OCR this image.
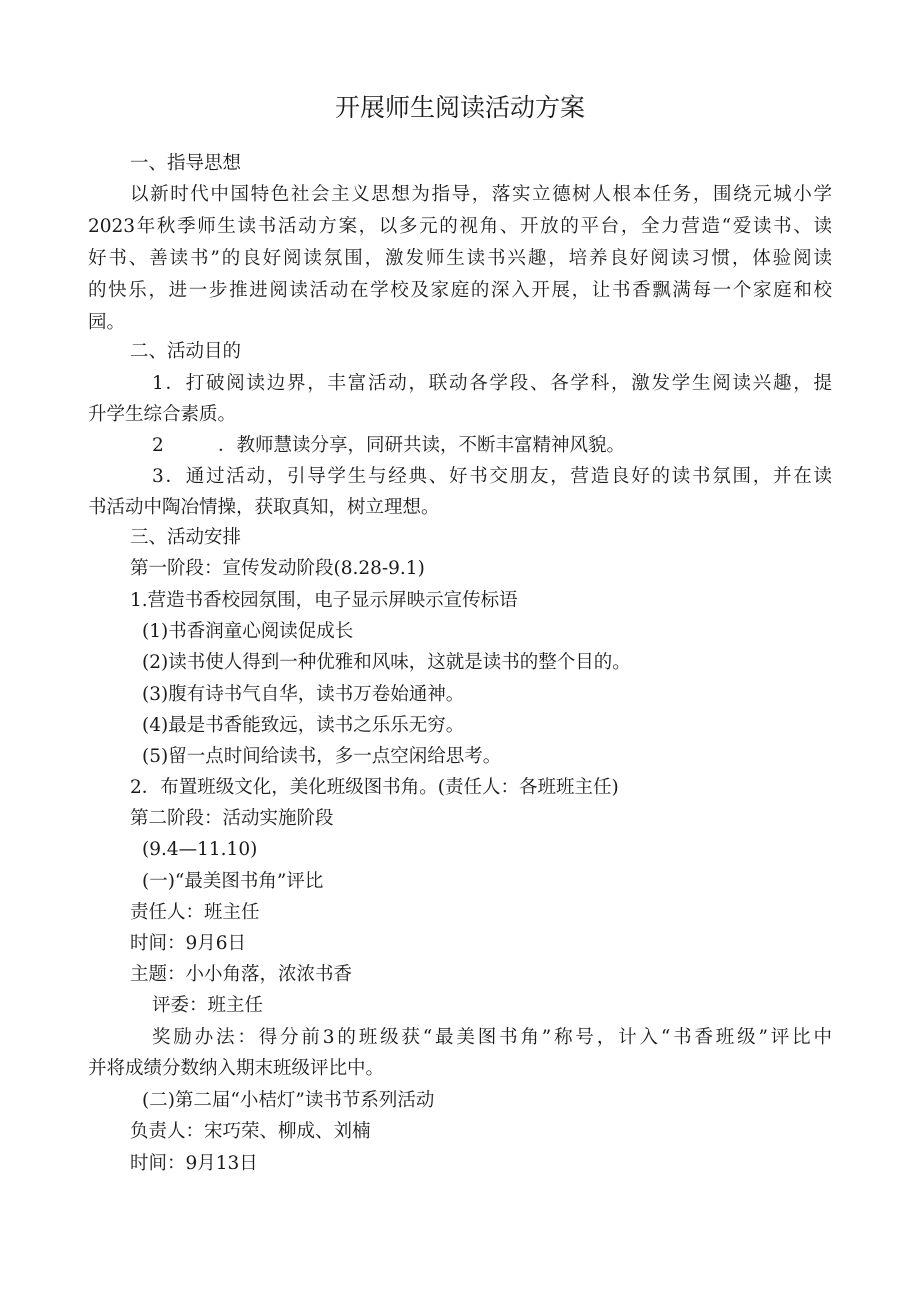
开展师生阅读活动方案
一、指导思想
以新时代中国特色社会主义思想为指导，落实立德树人根本任务，围绕元城小学
2023年秋季师生读书活动方案，以多元的视角、开放的平台，全力营造“爱读书、读
好书、善读书”的良好阅读氛围，激发师生读书兴趣，培养良好阅读习惯，体验阅读
的快乐，进一步推进阅读活动在学校及家庭的深入开展，让书香飘满每一个家庭和校
园。
二、活动目的
1．打破阅读边界，丰富活动，联动各学段、各学科，激发学生阅读兴趣，提
升学生综合素质。
2	．教师慧读分享，同研共读，不断丰富精神风貌。
3．通过活动，引导学生与经典、好书交朋友，营造良好的读书氛围，并在读
书活动中陶冶情操，获取真知，树立理想。
三、活动安排
第一阶段：宣传发动阶段(8.28-9.1)
1.营造书香校园氛围，电子显示屏映示宣传标语
(1)书香润童心阅读促成长
(2)读书使人得到一种优雅和风味，这就是读书的整个目的。
(3)腹有诗书气自华，读书万卷始通神。
(4)最是书香能致远，读书之乐乐无穷。
(5)留一点时间给读书，多一点空闲给思考。
2．布置班级文化，美化班级图书角。(责任人：各班班主任)
第二阶段：活动实施阶段
(9.4—11.10)
(一)“最美图书角”评比
责任人：班主任
时间：9月6日
主题：小小角落，浓浓书香
评委：班主任
奖励办法：得分前3的班级获“最美图书角”称号，计入“书香班级”评比中
并将成绩分数纳入期末班级评比中。
(二)第二届“小桔灯”读书节系列活动
负责人：宋巧荣、柳成、刘楠
时间：9月13日
